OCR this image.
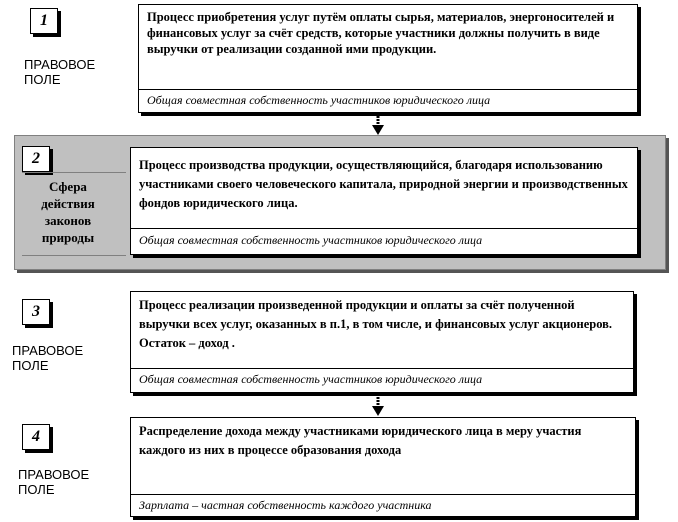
1
ПРАВОВОЕ ПОЛЕ
Процесс приобретения услуг путём оплаты сырья, материалов, энергоносителей и финансовых услуг за счёт средств, которые участники должны получить в виде выручки от реализации созданной ими продукции.
Общая совместная собственность участников юридического лица
2
Сфера действия законов природы
Процесс производства продукции, осуществляющийся, благодаря использованию участниками своего человеческого капитала, природной энергии и производственных фондов юридического лица.
Общая совместная собственность участников юридического лица
3
ПРАВОВОЕ ПОЛЕ
Процесс реализации произведенной продукции и оплаты за счёт полученной выручки всех услуг, оказанных в п.1, в том числе, и финансовых услуг акционеров. Остаток – доход .
Общая совместная собственность участников юридического лица
4
ПРАВОВОЕ ПОЛЕ
Распределение дохода между участниками юридического лица в меру участия каждого из них в процессе образования дохода
Зарплата – частная собственность каждого участника
